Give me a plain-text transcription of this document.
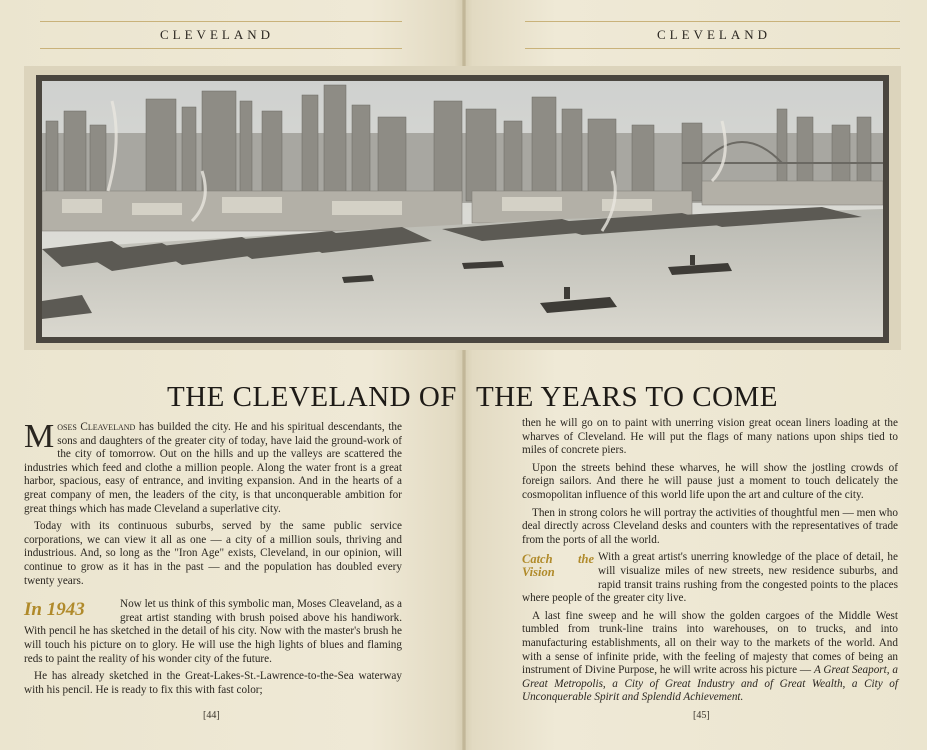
CLEVELAND	CLEVELAND
THE CLEVELAND OF THE YEARS TO COME

Moses Cleaveland has builded the city. He and his spiritual descendants, the sons and daughters of the greater city of today, have laid the ground-work of the city of tomorrow. Out on the hills and up the valleys are scattered the industries which feed and clothe a million people. Along the water front is a great harbor, spacious, easy of entrance, and inviting expansion. And in the hearts of a great company of men, the leaders of the city, is that unconquerable ambition for great things which has made Cleveland a superlative city.

Today with its continuous suburbs, served by the same public service corporations, we can view it all as one — a city of a million souls, thriving and industrious. And, so long as the "Iron Age" exists, Cleveland, in our opinion, will continue to grow as it has in the past — and the population has doubled every twenty years.

In 1943	Now let us think of this symbolic man, Moses Cleaveland, as a great artist standing with brush poised above his handiwork. With pencil he has sketched in the detail of his city. Now with the master's brush he will touch his picture on to glory. He will use the high lights of blues and flaming reds to paint the reality of his wonder city of the future.

He has already sketched in the Great-Lakes-St.-Lawrence-to-the-Sea waterway with his pencil. He is ready to fix this with fast color;

then he will go on to paint with unerring vision great ocean liners loading at the wharves of Cleveland. He will put the flags of many nations upon ships tied to miles of concrete piers.

Upon the streets behind these wharves, he will show the jostling crowds of foreign sailors. And there he will pause just a moment to touch delicately the cosmopolitan influence of this world life upon the art and culture of the city.

Then in strong colors he will portray the activities of thoughtful men — men who deal directly across Cleveland desks and counters with the representatives of trade from the ports of all the world.

Catch the Vision
With a great artist's unerring knowledge of the place of detail, he will visualize miles of new streets, new residence suburbs, and rapid transit trains rushing from the congested points to the places where people of the greater city live.

A last fine sweep and he will show the golden cargoes of the Middle West tumbled from trunk-line trains into warehouses, on to trucks, and into manufacturing establishments, all on their way to the markets of the world. And with a sense of infinite pride, with the feeling of majesty that comes of being an instrument of Divine Purpose, he will write across his picture — A Great Seaport, a Great Metropolis, a City of Great Industry and of Great Wealth, a City of Unconquerable Spirit and Splendid Achievement.

[44]	[45]
